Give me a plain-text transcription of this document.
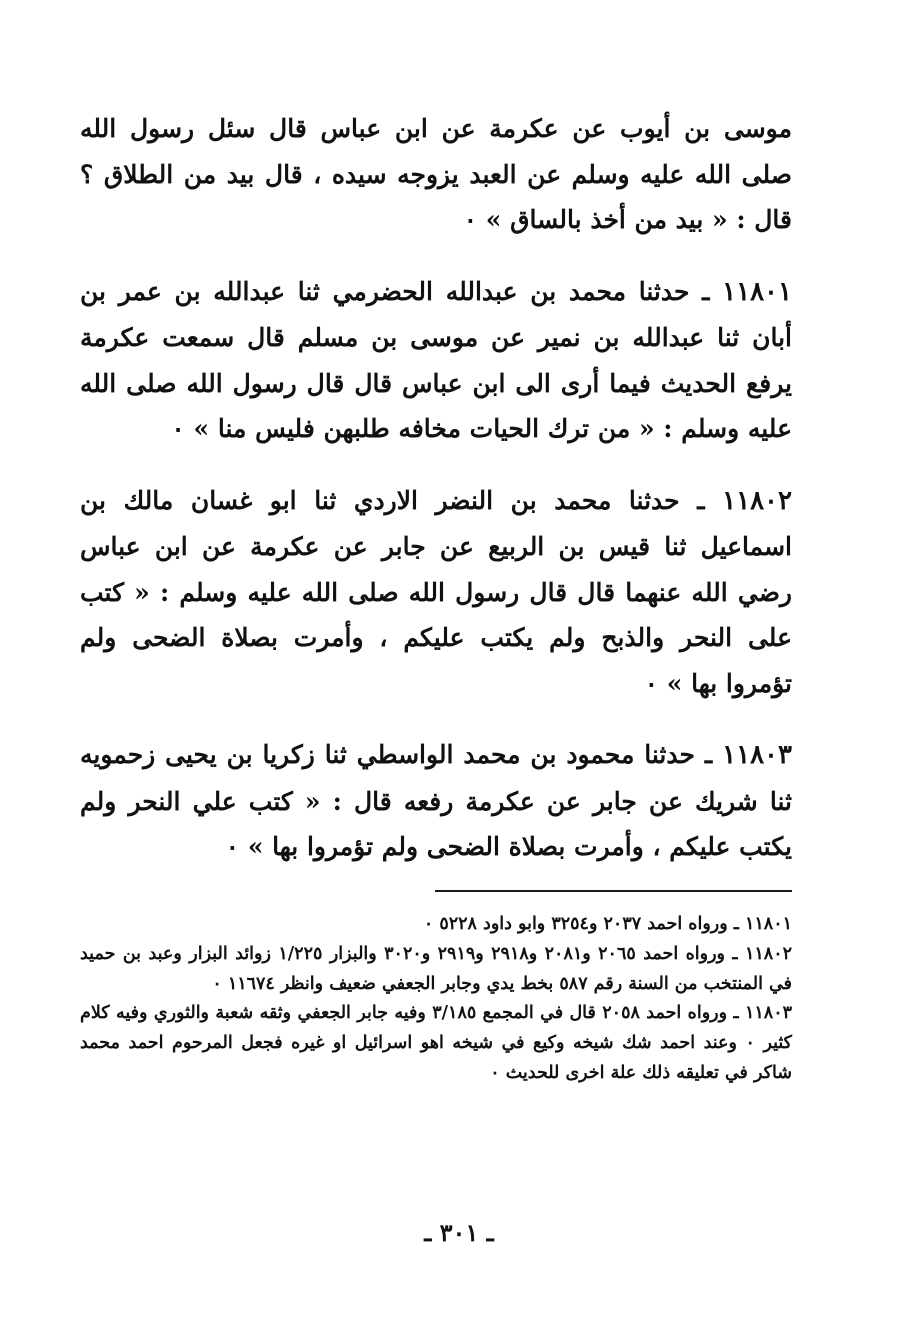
موسى بن أيوب عن عكرمة عن ابن عباس قال سئل رسول الله صلى الله عليه وسلم عن العبد يزوجه سيده ، قال بيد من الطلاق ؟ قال : « بيد من أخذ بالساق » ٠

١١٨٠١ ـ حدثنا محمد بن عبدالله الحضرمي ثنا عبدالله بن عمر بن أبان ثنا عبدالله بن نمير عن موسى بن مسلم قال سمعت عكرمة يرفع الحديث فيما أرى الى ابن عباس قال قال رسول الله صلى الله عليه وسلم : « من ترك الحيات مخافه طلبهن فليس منا » ٠

١١٨٠٢ ـ حدثنا محمد بن النضر الاردي ثنا ابو غسان مالك بن اسماعيل ثنا قيس بن الربيع عن جابر عن عكرمة عن ابن عباس رضي الله عنهما قال قال رسول الله صلى الله عليه وسلم : « كتب على النحر والذبح ولم يكتب عليكم ، وأمرت بصلاة الضحى ولم تؤمروا بها » ٠

١١٨٠٣ ـ حدثنا محمود بن محمد الواسطي ثنا زكريا بن يحيى زحمويه ثنا شريك عن جابر عن عكرمة رفعه قال : « كتب علي النحر ولم يكتب عليكم ، وأمرت بصلاة الضحى ولم تؤمروا بها » ٠

١١٨٠١ ـ ورواه احمد ٢٠٣٧ و٣٢٥٤ وابو داود ٥٢٢٨ ٠

١١٨٠٢ ـ ورواه احمد ٢٠٦٥ و٢٠٨١ و٢٩١٨ و٢٩١٩ و٣٠٢٠ والبزار ١/٢٢٥ زوائد البزار وعبد بن حميد في المنتخب من السنة رقم ٥٨٧ بخط يدي وجابر الجعفي ضعيف وانظر ١١٦٧٤ ٠

١١٨٠٣ ـ ورواه احمد ٢٠٥٨ قال في المجمع ٣/١٨٥ وفيه جابر الجعفي وثقه شعبة والثوري وفيه كلام كثير ٠ وعند احمد شك شيخه وكيع في شيخه اهو اسرائيل او غيره فجعل المرحوم احمد محمد شاكر في تعليقه ذلك علة اخرى للحديث ٠

ـ ٣٠١ ـ
